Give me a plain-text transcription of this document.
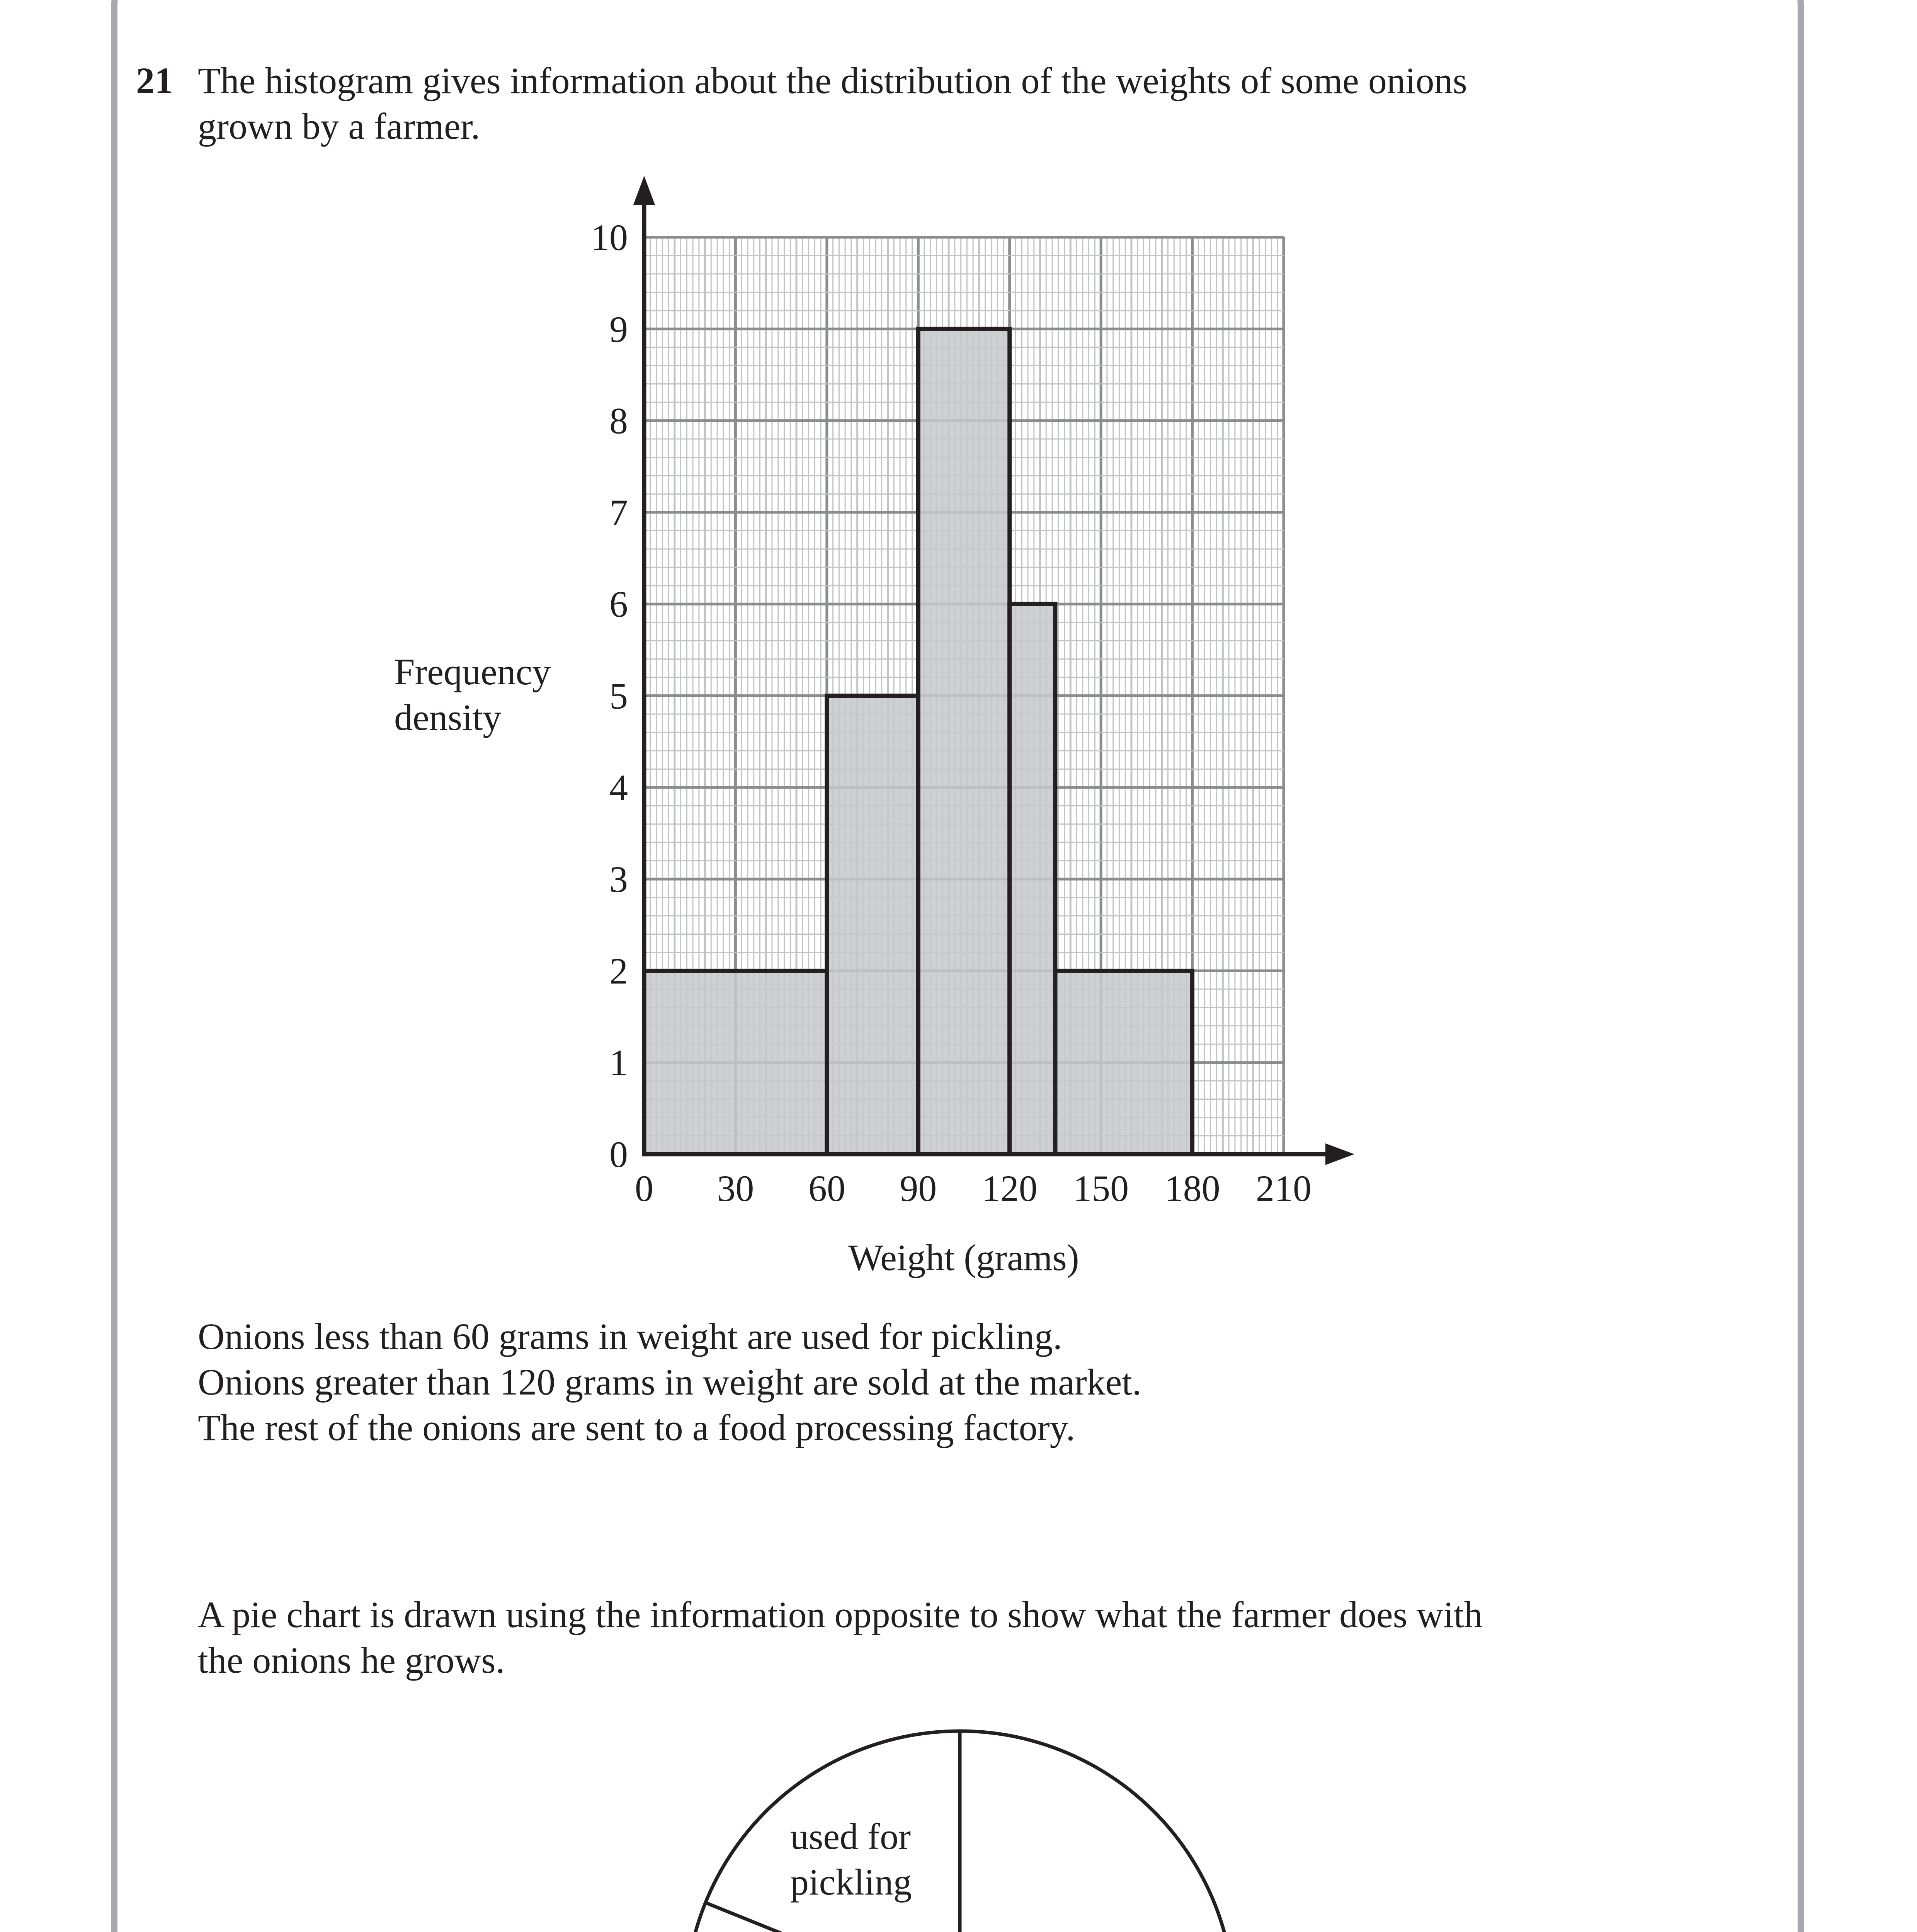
21 The histogram gives information about the distribution of the weights of some onions
grown by a farmer.

Frequency
density
0 30 60 90 120 150 180 210
0
1
2
3
4
5
6
7
8
9
10
Weight (grams)

Onions less than 60 grams in weight are used for pickling.
Onions greater than 120 grams in weight are sold at the market.
The rest of the onions are sent to a food processing factory.

A pie chart is drawn using the information opposite to show what the farmer does with
the onions he grows.

used for pickling
